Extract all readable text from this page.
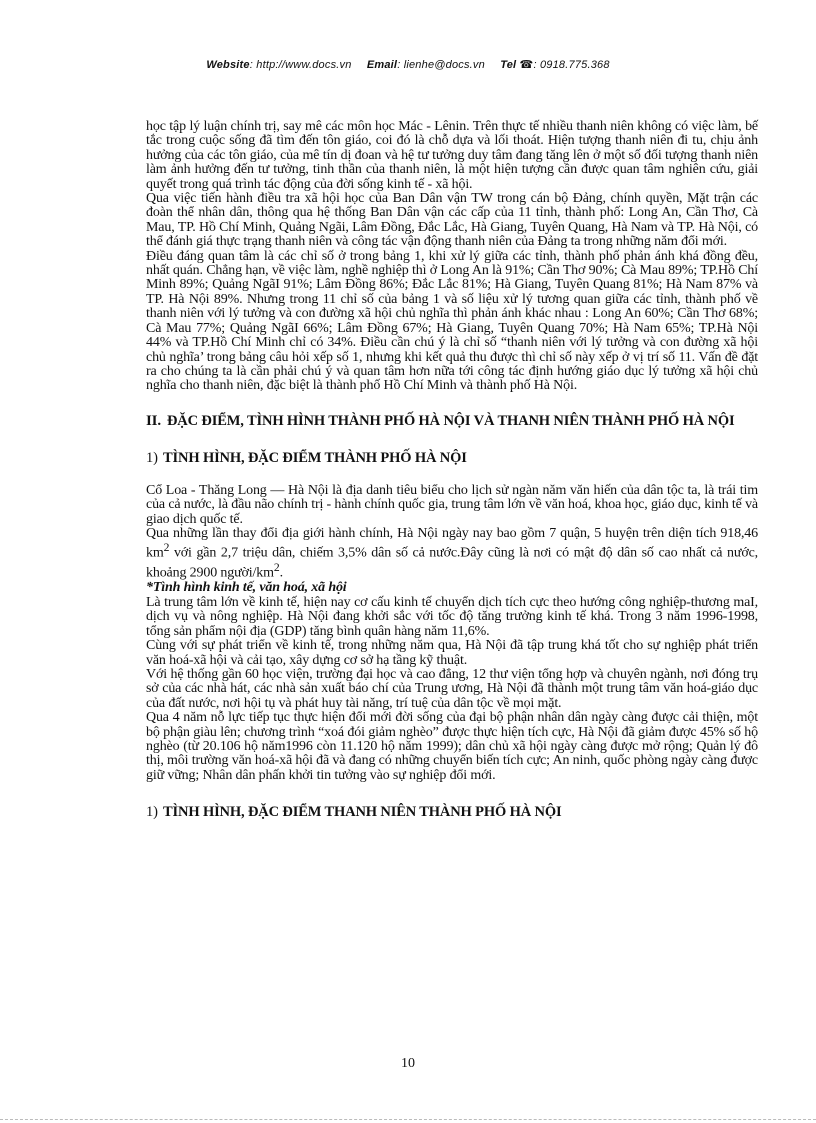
Website: http://www.docs.vn Email: lienhe@docs.vn Tel ☎: 0918.775.368

học tập lý luận chính trị, say mê các môn học Mác - Lênin. Trên thực tế nhiều thanh niên không có việc làm, bế tắc trong cuộc sống đã tìm đến tôn giáo, coi đó là chỗ dựa và lối thoát. Hiện tượng thanh niên đi tu, chịu ảnh hưởng của các tôn giáo, của mê tín dị đoan và hệ tư tưởng duy tâm đang tăng lên ở một số đối tượng thanh niên làm ảnh hưởng đến tư tưởng, tinh thần của thanh niên, là một hiện tượng cần được quan tâm nghiên cứu, giải quyết trong quá trình tác động của đời sống kinh tế - xã hội.

Qua việc tiến hành điều tra xã hội học của Ban Dân vận TW trong cán bộ Đảng, chính quyền, Mặt trận các đoàn thể nhân dân, thông qua hệ thống Ban Dân vận các cấp của 11 tỉnh, thành phố: Long An, Cần Thơ, Cà Mau, TP. Hồ Chí Minh, Quảng Ngãi, Lâm Đồng, Đắc Lắc, Hà Giang, Tuyên Quang, Hà Nam và TP. Hà Nội, có thể đánh giá thực trạng thanh niên và công tác vận động thanh niên của Đảng ta trong những năm đổi mới.

Điều đáng quan tâm là các chỉ số ở trong bảng 1, khi xử lý giữa các tỉnh, thành phố phản ánh khá đồng đều, nhất quán. Chẳng hạn, về việc làm, nghề nghiệp thì ở Long An là 91%; Cần Thơ 90%; Cà Mau 89%; TP.Hồ Chí Minh 89%; Quảng NgãI 91%; Lâm Đồng 86%; Đắc Lắc 81%; Hà Giang, Tuyên Quang 81%; Hà Nam 87% và TP. Hà Nội 89%. Nhưng trong 11 chỉ số của bảng 1 và số liệu xử lý tương quan giữa các tỉnh, thành phố về thanh niên với lý tưởng và con đường xã hội chủ nghĩa thì phản ánh khác nhau : Long An 60%; Cần Thơ 68%; Cà Mau 77%; Quảng NgãI 66%; Lâm Đồng 67%; Hà Giang, Tuyên Quang 70%; Hà Nam 65%; TP.Hà Nội 44% và TP.Hồ Chí Minh chỉ có 34%. Điều cần chú ý là chỉ số “thanh niên với lý tưởng và con đường xã hội chủ nghĩa’ trong bảng câu hỏi xếp số 1, nhưng khi kết quả thu được thì chỉ số này xếp ở vị trí số 11. Vấn đề đặt ra cho chúng ta là cần phải chú ý và quan tâm hơn nữa tới công tác định hướng giáo dục lý tưởng xã hội chủ nghĩa cho thanh niên, đặc biệt là thành phố Hồ Chí Minh và thành phố Hà Nội.

II. ĐẶC ĐIỂM, TÌNH HÌNH THÀNH PHỐ HÀ NỘI VÀ THANH NIÊN THÀNH PHỐ HÀ NỘI
1) TÌNH HÌNH, ĐẶC ĐIỂM THÀNH PHỐ HÀ NỘI

Cổ Loa - Thăng Long — Hà Nội là địa danh tiêu biểu cho lịch sử ngàn năm văn hiến của dân tộc ta, là trái tim của cả nước, là đầu não chính trị - hành chính quốc gia, trung tâm lớn về văn hoá, khoa học, giáo dục, kinh tế và giao dịch quốc tế.

Qua những lần thay đổi địa giới hành chính, Hà Nội ngày nay bao gồm 7 quận, 5 huyện trên diện tích 918,46 $km^2$ với gần 2,7 triệu dân, chiếm 3,5% dân số cả nước.Đây cũng là nơi có mật độ dân số cao nhất cả nước, khoảng 2900 người/$km^2$.

*Tình hình kinh tế, văn hoá, xã hội

Là trung tâm lớn về kinh tế, hiện nay cơ cấu kinh tế chuyển dịch tích cực theo hướng công nghiệp-thương maI, dịch vụ và nông nghiệp. Hà Nội đang khởi sắc với tốc độ tăng trưởng kinh tế khá. Trong 3 năm 1996-1998, tổng sản phẩm nội địa (GDP) tăng bình quân hàng năm 11,6%.

Cùng với sự phát triển về kinh tế, trong những năm qua, Hà Nội đã tập trung khá tốt cho sự nghiệp phát triển văn hoá-xã hội và cải tạo, xây dựng cơ sở hạ tầng kỹ thuật.

Với hệ thống gần 60 học viện, trường đại học và cao đẳng, 12 thư viện tổng hợp và chuyên ngành, nơi đóng trụ sở của các nhà hát, các nhà sản xuất báo chí của Trung ương, Hà Nội đã thành một trung tâm văn hoá-giáo dục của đất nước, nơi hội tụ và phát huy tài năng, trí tuệ của dân tộc về mọi mặt.

Qua 4 năm nỗ lực tiếp tục thực hiện đổi mới đời sống của đại bộ phận nhân dân ngày càng được cải thiện, một bộ phận giàu lên; chương trình “xoá đói giảm nghèo” được thực hiện tích cực, Hà Nội đã giảm được 45% số hộ nghèo (từ 20.106 hộ năm1996 còn 11.120 hộ năm 1999); dân chủ xã hội ngày càng được mở rộng; Quản lý đô thị, môi trường văn hoá-xã hội đã và đang có những chuyển biến tích cực; An ninh, quốc phòng ngày càng được giữ vững; Nhân dân phấn khởi tin tưởng vào sự nghiệp đổi mới.

1) TÌNH HÌNH, ĐẶC ĐIỂM THANH NIÊN THÀNH PHỐ HÀ NỘI
10
